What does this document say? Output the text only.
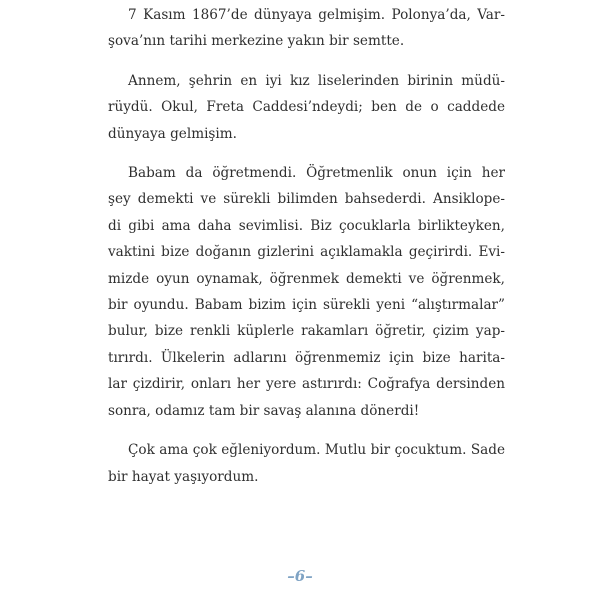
7 Kasım 1867’de dünyaya gelmişim. Polonya’da, Var-
şova’nın tarihi merkezine yakın bir semtte.

Annem, şehrin en iyi kız liselerinden birinin müdü-
rüydü. Okul, Freta Caddesi’ndeydi; ben de o caddede
dünyaya gelmişim.

Babam da öğretmendi. Öğretmenlik onun için her
şey demekti ve sürekli bilimden bahsederdi. Ansiklope-
di gibi ama daha sevimlisi. Biz çocuklarla birlikteyken,
vaktini bize doğanın gizlerini açıklamakla geçirirdi. Evi-
mizde oyun oynamak, öğrenmek demekti ve öğrenmek,
bir oyundu. Babam bizim için sürekli yeni “alıştırmalar”
bulur, bize renkli küplerle rakamları öğretir, çizim yap-
tırırdı. Ülkelerin adlarını öğrenmemiz için bize harita-
lar çizdirir, onları her yere astırırdı: Coğrafya dersinden
sonra, odamız tam bir savaş alanına dönerdi!

Çok ama çok eğleniyordum. Mutlu bir çocuktum. Sade
bir hayat yaşıyordum.

–6–
